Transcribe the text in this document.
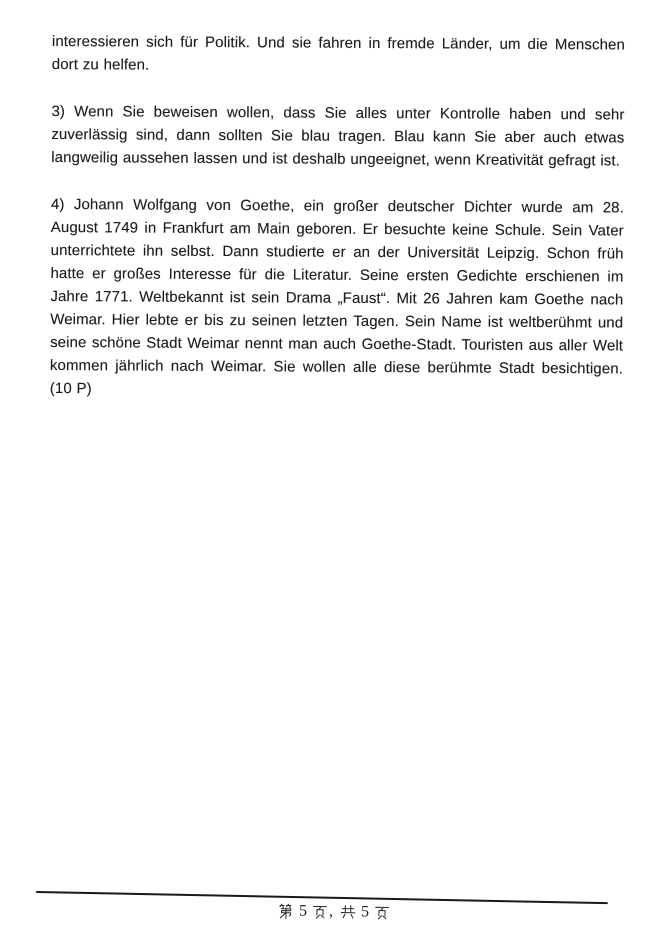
interessieren sich für Politik. Und sie fahren in fremde Länder, um die Menschen dort zu helfen.

3) Wenn Sie beweisen wollen, dass Sie alles unter Kontrolle haben und sehr zuverlässig sind, dann sollten Sie blau tragen. Blau kann Sie aber auch etwas langweilig aussehen lassen und ist deshalb ungeeignet, wenn Kreativität gefragt ist.

4) Johann Wolfgang von Goethe, ein großer deutscher Dichter wurde am 28. August 1749 in Frankfurt am Main geboren. Er besuchte keine Schule. Sein Vater unterrichtete ihn selbst. Dann studierte er an der Universität Leipzig. Schon früh hatte er großes Interesse für die Literatur. Seine ersten Gedichte erschienen im Jahre 1771. Weltbekannt ist sein Drama „Faust“. Mit 26 Jahren kam Goethe nach Weimar. Hier lebte er bis zu seinen letzten Tagen. Sein Name ist weltberühmt und seine schöne Stadt Weimar nennt man auch Goethe-Stadt. Touristen aus aller Welt kommen jährlich nach Weimar. Sie wollen alle diese berühmte Stadt besichtigen. (10 P)

5 , 5
